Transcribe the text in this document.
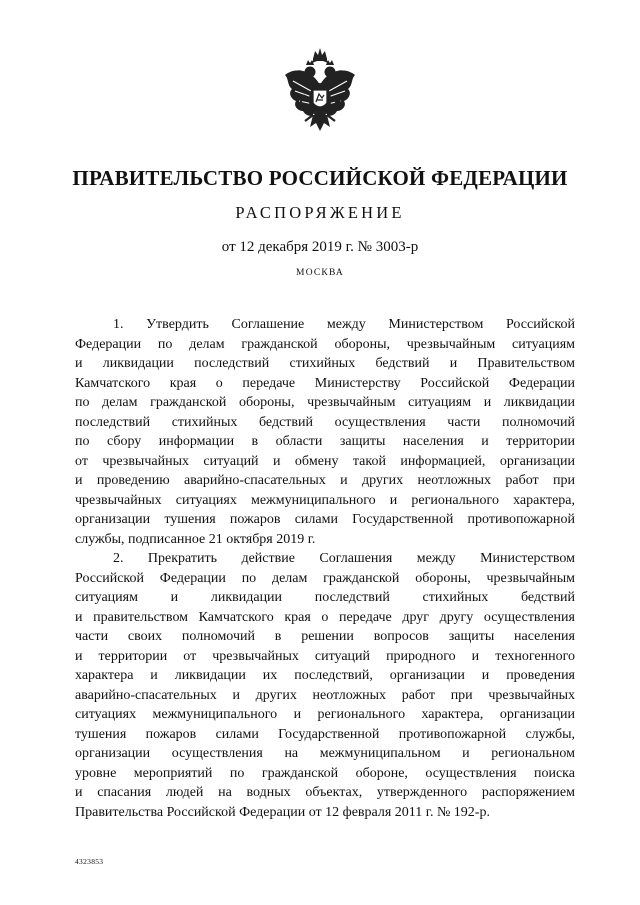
ПРАВИТЕЛЬСТВО РОССИЙСКОЙ ФЕДЕРАЦИИ
РАСПОРЯЖЕНИЕ
от 12 декабря 2019 г. № 3003-р
МОСКВА
1. Утвердить Соглашение между Министерством Российской
Федерации по делам гражданской обороны, чрезвычайным ситуациям
и ликвидации последствий стихийных бедствий и Правительством
Камчатского края о передаче Министерству Российской Федерации
по делам гражданской обороны, чрезвычайным ситуациям и ликвидации
последствий стихийных бедствий осуществления части полномочий
по сбору информации в области защиты населения и территории
от чрезвычайных ситуаций и обмену такой информацией, организации
и проведению аварийно-спасательных и других неотложных работ при
чрезвычайных ситуациях межмуниципального и регионального характера,
организации тушения пожаров силами Государственной противопожарной
службы, подписанное 21 октября 2019 г.
2. Прекратить действие Соглашения между Министерством
Российской Федерации по делам гражданской обороны, чрезвычайным
ситуациям и ликвидации последствий стихийных бедствий
и правительством Камчатского края о передаче друг другу осуществления
части своих полномочий в решении вопросов защиты населения
и территории от чрезвычайных ситуаций природного и техногенного
характера и ликвидации их последствий, организации и проведения
аварийно-спасательных и других неотложных работ при чрезвычайных
ситуациях межмуниципального и регионального характера, организации
тушения пожаров силами Государственной противопожарной службы,
организации осуществления на межмуниципальном и региональном
уровне мероприятий по гражданской обороне, осуществления поиска
и спасания людей на водных объектах, утвержденного распоряжением
Правительства Российской Федерации от 12 февраля 2011 г. № 192-р.
4323853
